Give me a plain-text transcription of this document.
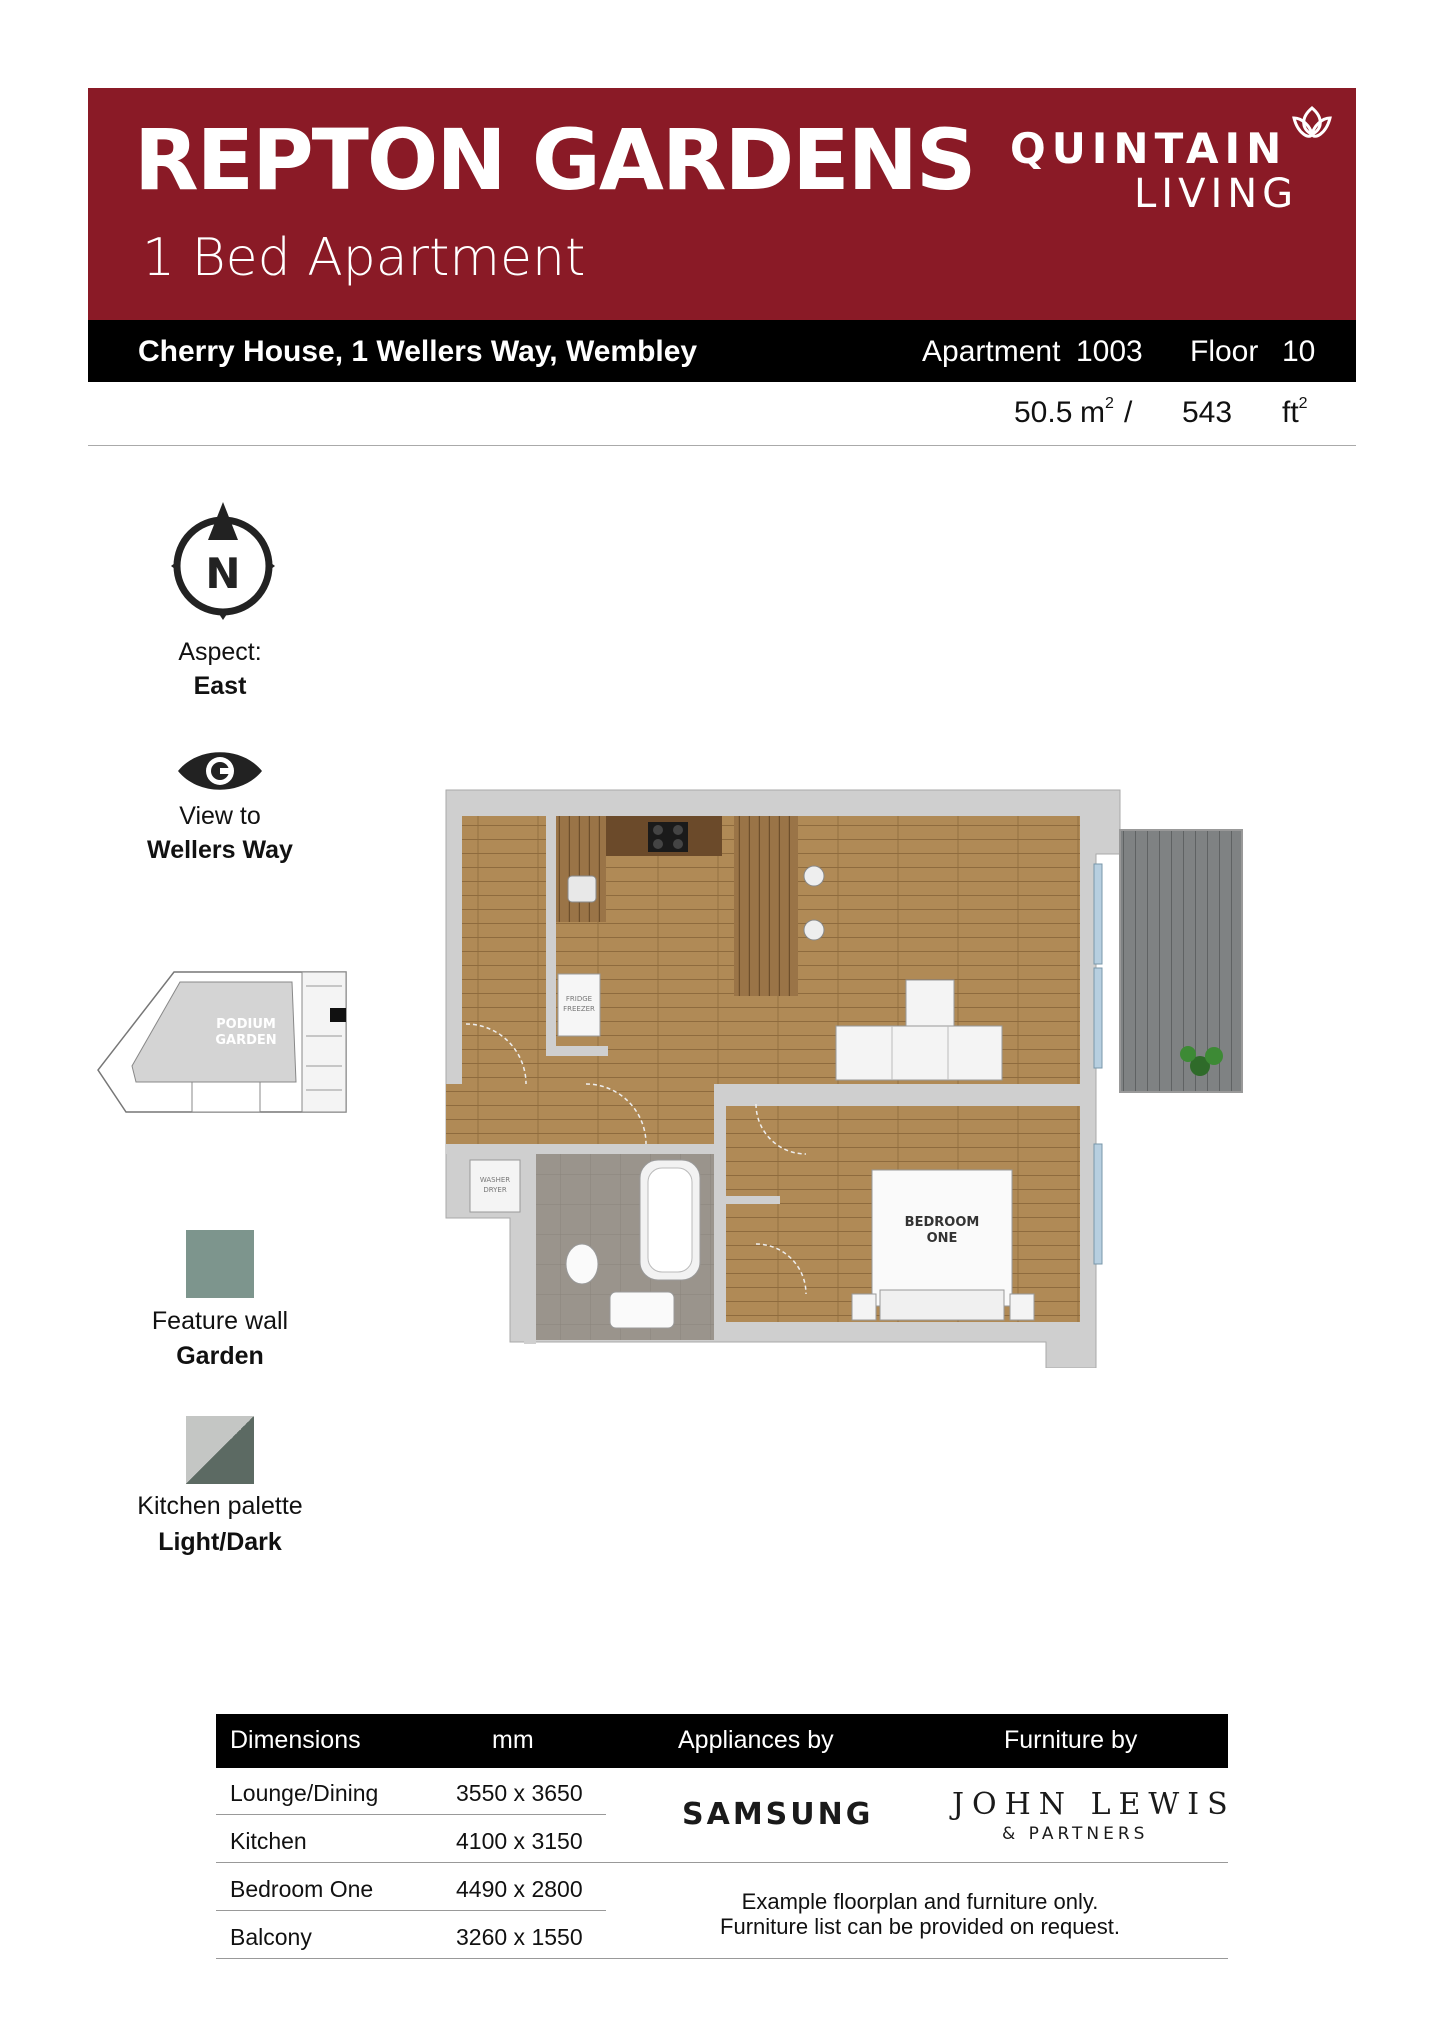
REPTON GARDENS
1 Bed Apartment
QUINTAIN
LIVING
Cherry House, 1 Wellers Way, Wembley	Apartment 1003 Floor 10
50.5 $m^2 / 543$ $ft^2$
N
Aspect:
East
View to
Wellers Way
PODIUM
GARDEN
Feature wall
Garden
Kitchen palette
Light/Dark
WASHER
DRYER
FRIDGE
FREEZER
BEDROOM
ONE
Dimensions	mm	Appliances by	Furniture by
Lounge/Dining	3550 x 3650
Kitchen	4100 x 3150
Bedroom One	4490 x 2800
Balcony	3260 x 1550
SAMSUNG	JOHN LEWIS
& PARTNERS
Example floorplan and furniture only.
Furniture list can be provided on request.
